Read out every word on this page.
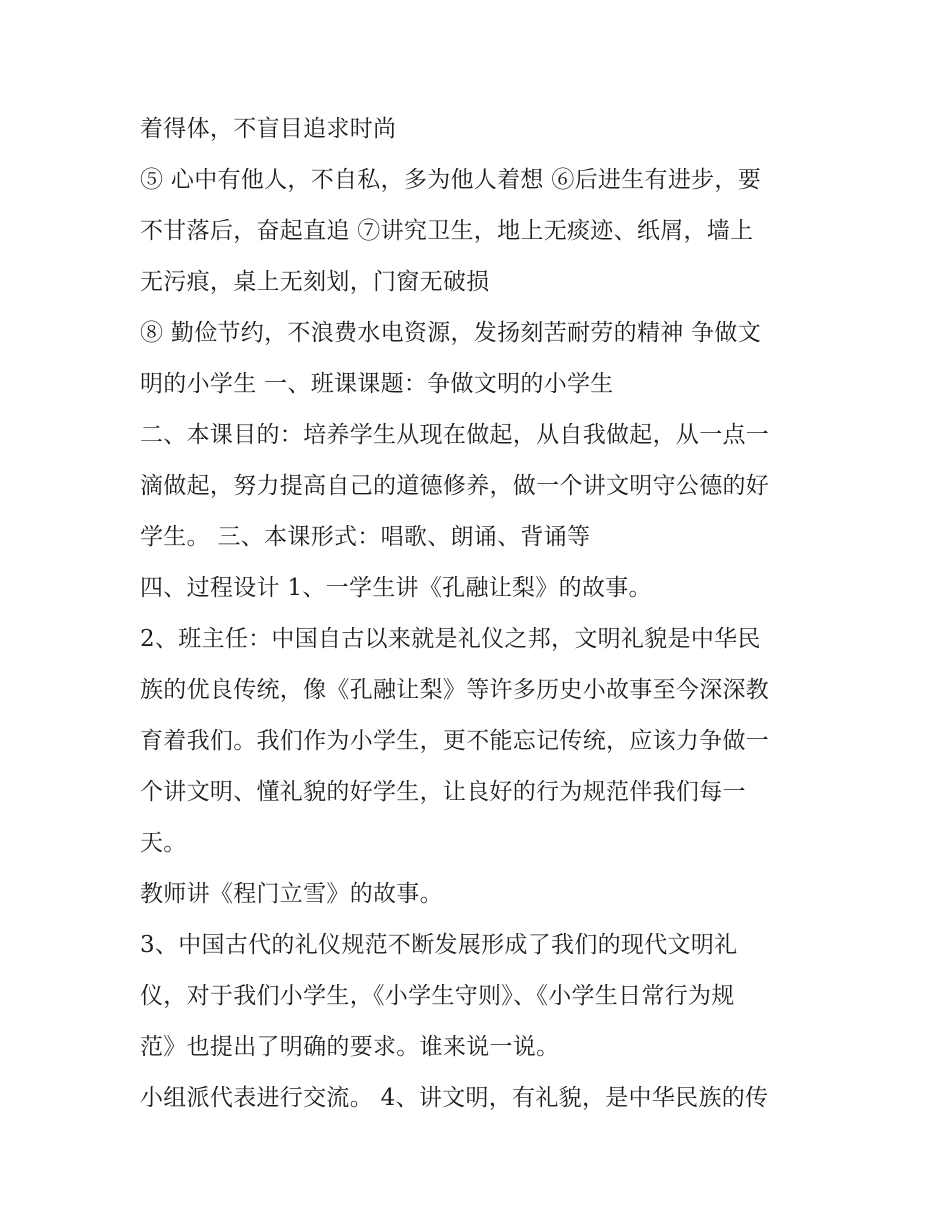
着得体，不盲目追求时尚
⑤ 心中有他人，不自私，多为他人着想 ⑥后进生有进步，要
不甘落后，奋起直追 ⑦讲究卫生，地上无痰迹、纸屑，墙上
无污痕，桌上无刻划，门窗无破损
⑧ 勤俭节约，不浪费水电资源，发扬刻苦耐劳的精神 争做文
明的小学生 一、班课课题：争做文明的小学生
二、本课目的：培养学生从现在做起，从自我做起，从一点一
滴做起，努力提高自己的道德修养，做一个讲文明守公德的好
学生。 三、本课形式：唱歌、朗诵、背诵等
四、过程设计 1、一学生讲《孔融让梨》的故事。
2、班主任：中国自古以来就是礼仪之邦，文明礼貌是中华民
族的优良传统，像《孔融让梨》等许多历史小故事至今深深教
育着我们。我们作为小学生，更不能忘记传统，应该力争做一
个讲文明、懂礼貌的好学生，让良好的行为规范伴我们每一
天。
教师讲《程门立雪》的故事。
3、中国古代的礼仪规范不断发展形成了我们的现代文明礼
仪，对于我们小学生，《小学生守则》、《小学生日常行为规
范》也提出了明确的要求。谁来说一说。
小组派代表进行交流。 4、讲文明，有礼貌，是中华民族的传
